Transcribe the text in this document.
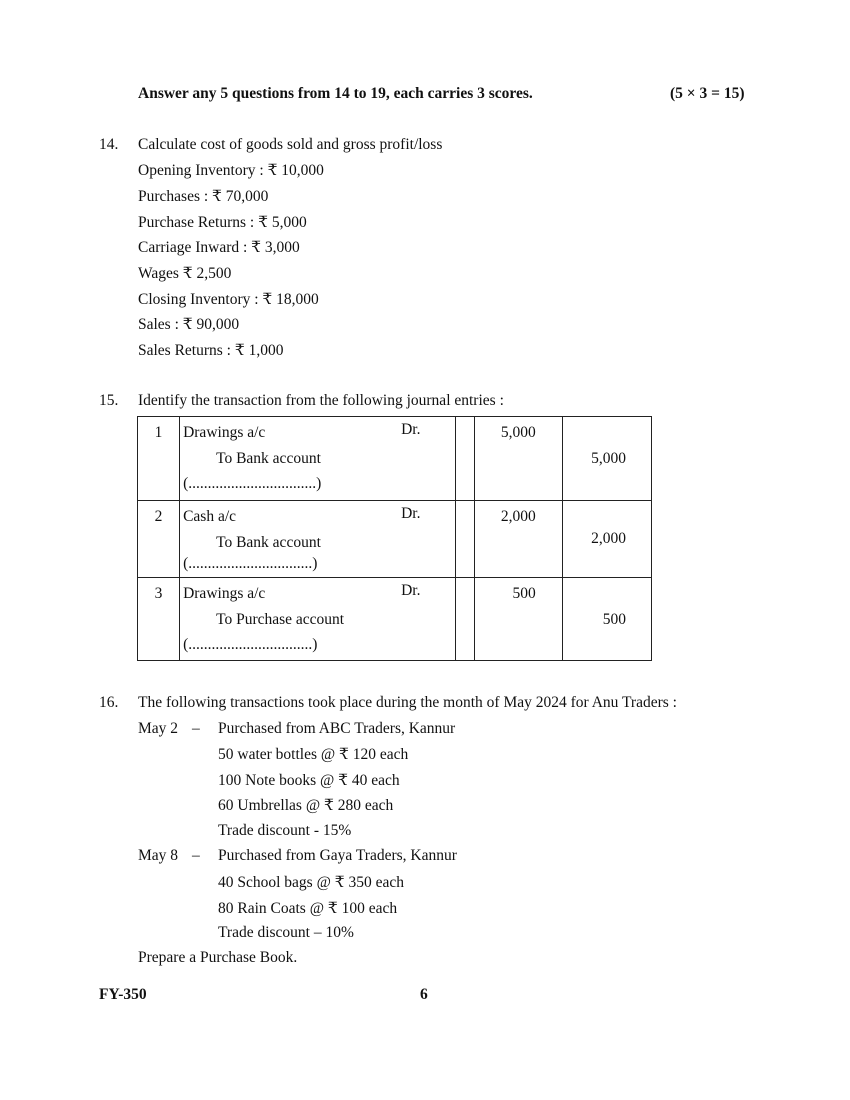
Answer any 5 questions from 14 to 19, each carries 3 scores.	(5 × 3 = 15)
14. Calculate cost of goods sold and gross profit/loss
Opening Inventory : ₹ 10,000
Purchases : ₹ 70,000
Purchase Returns : ₹ 5,000
Carriage Inward : ₹ 3,000
Wages ₹ 2,500
Closing Inventory : ₹ 18,000
Sales : ₹ 90,000
Sales Returns : ₹ 1,000
15. Identify the transaction from the following journal entries :
1	Drawings a/c Dr.
To Bank account
(.................................)		5,000	5,000

2	Cash a/c Dr.
To Bank account
(................................)		2,000	2,000

3	Drawings a/c Dr.
To Purchase account
(................................)		500	500
16. The following transactions took place during the month of May 2024 for Anu Traders :
May 2 – Purchased from ABC Traders, Kannur
50 water bottles @ ₹ 120 each
100 Note books @ ₹ 40 each
60 Umbrellas @ ₹ 280 each
Trade discount - 15%
May 8 – Purchased from Gaya Traders, Kannur
40 School bags @ ₹ 350 each
80 Rain Coats @ ₹ 100 each
Trade discount – 10%
Prepare a Purchase Book.
FY-350	6
